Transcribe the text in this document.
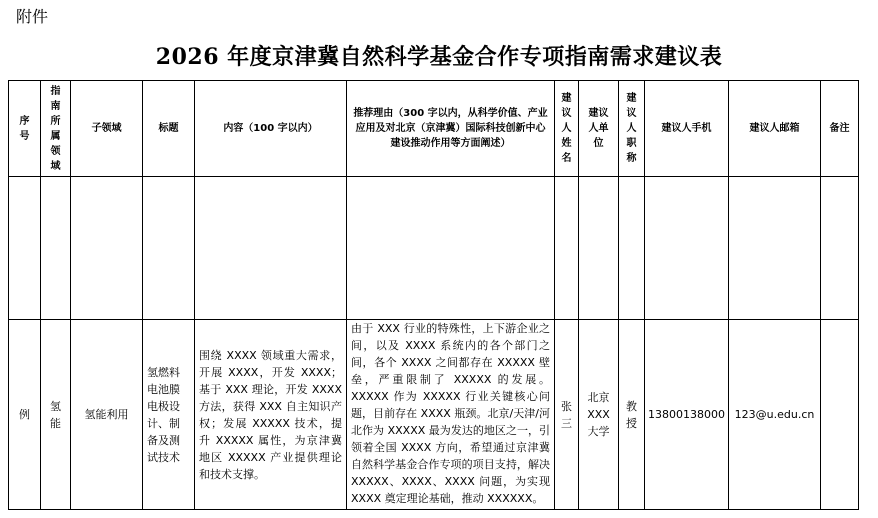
附件
2026 年度京津冀自然科学基金合作专项指南需求建议表
序号	指南所属领域	子领域	标题	内容（100 字以内）	推荐理由（300 字以内，从科学价值、产业应用及对北京（京津冀）国际科技创新中心建设推动作用等方面阐述）	建议人姓名	建议人单位	建议人职称	建议人手机	建议人邮箱	备注

例	氢能	氢能利用	氢燃料电池膜电极设计、制备及测试技术	围绕 XXXX 领域重大需求，开展 XXXX，开发 XXXX；基于 XXX 理论，开发 XXXX 方法，获得 XXX 自主知识产权；发展 XXXXX 技术，提升 XXXXX 属性，为京津冀地区 XXXXX 产业提供理论和技术支撑。	由于 XXX 行业的特殊性，上下游企业之间，以及 XXXX 系统内的各个部门之间，各个 XXXX 之间都存在 XXXXX 壁垒，严重限制了 XXXXX 的发展。XXXXX 作为 XXXXX 行业关键核心问题，目前存在 XXXX 瓶颈。北京/天津/河北作为 XXXXX 最为发达的地区之一，引领着全国 XXXX 方向，希望通过京津冀自然科学基金合作专项的项目支持，解决 XXXXX、XXXX、XXXX 问题，为实现 XXXX 奠定理论基础，推动 XXXXXX。	张三	北京XXX大学	教授	13800138000	123@u.edu.cn	
